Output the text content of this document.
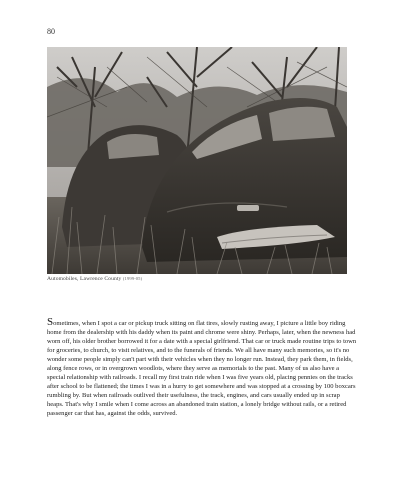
80
Automobiles, Lawrence County (1999-05)

Sometimes, when I spot a car or pickup truck sitting on flat tires, slowly rusting away, I picture a little boy riding home from the dealership with his daddy when its paint and chrome were shiny. Perhaps, later, when the newness had worn off, his older brother borrowed it for a date with a special girlfriend. That car or truck made routine trips to town for groceries, to church, to visit relatives, and to the funerals of friends. We all have many such memories, so it's no wonder some people simply can't part with their vehicles when they no longer run. Instead, they park them, in fields, along fence rows, or in overgrown woodlots, where they serve as memorials to the past. Many of us also have a special relationship with railroads. I recall my first train ride when I was five years old, placing pennies on the tracks after school to be flattened; the times I was in a hurry to get somewhere and was stopped at a crossing by 100 boxcars rumbling by. But when railroads outlived their usefulness, the track, engines, and cars usually ended up in scrap heaps. That's why I smile when I come across an abandoned train station, a lonely bridge without rails, or a retired passenger car that has, against the odds, survived.
